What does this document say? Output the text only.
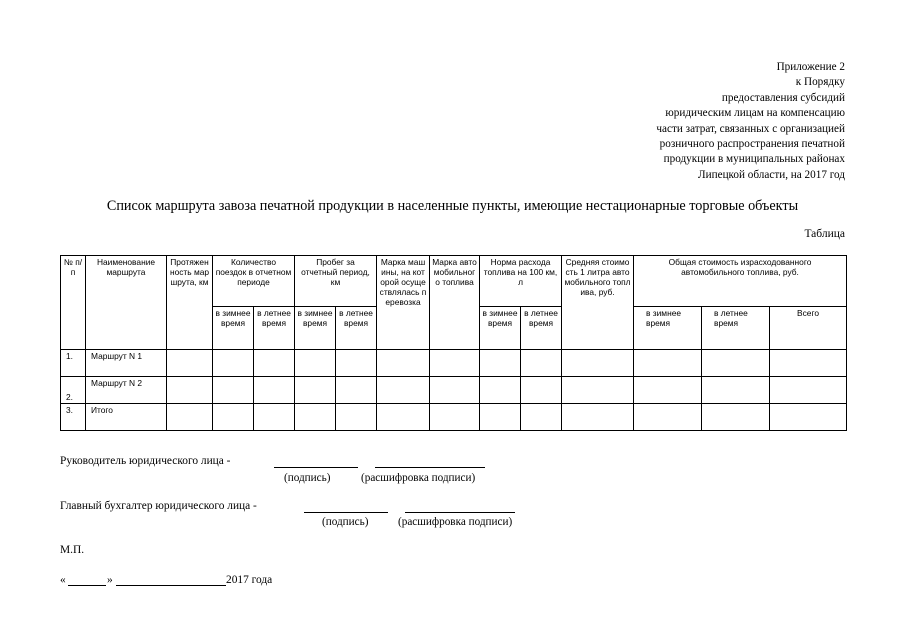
Приложение 2
к Порядку
предоставления субсидий
юридическим лицам на компенсацию
части затрат, связанных с организацией
розничного распространения печатной
продукции в муниципальных районах
Липецкой области, на 2017 год
Список маршрута завоза печатной продукции в населенные пункты, имеющие нестационарные торговые объекты
Таблица
№ п/п	Наименование маршрута	Протяженность маршрута, км	Количество поездок в отчетном периоде		Пробег за отчетный период, км		Марка машины, на которой осуществлялась перевозка	Марка автомобильного топлива	Норма расхода топлива на 100 км, л		Средняя стоимость 1 литра автомобильного топлива, руб.	Общая стоимость израсходованного автомобильного топлива, руб.		
			в зимнее время	в летнее время	в зимнее время	в летнее время			в зимнее время	в летнее время		в зимнее время	в летнее время	Всего
1.	Маршрут N 1													
2.	Маршрут N 2													
3.	Итого													
Руководитель юридического лица -
(подпись)	(расшифровка подписи)
Главный бухгалтер юридического лица -
(подпись)	(расшифровка подписи)
М.П.
«	»	2017 года
